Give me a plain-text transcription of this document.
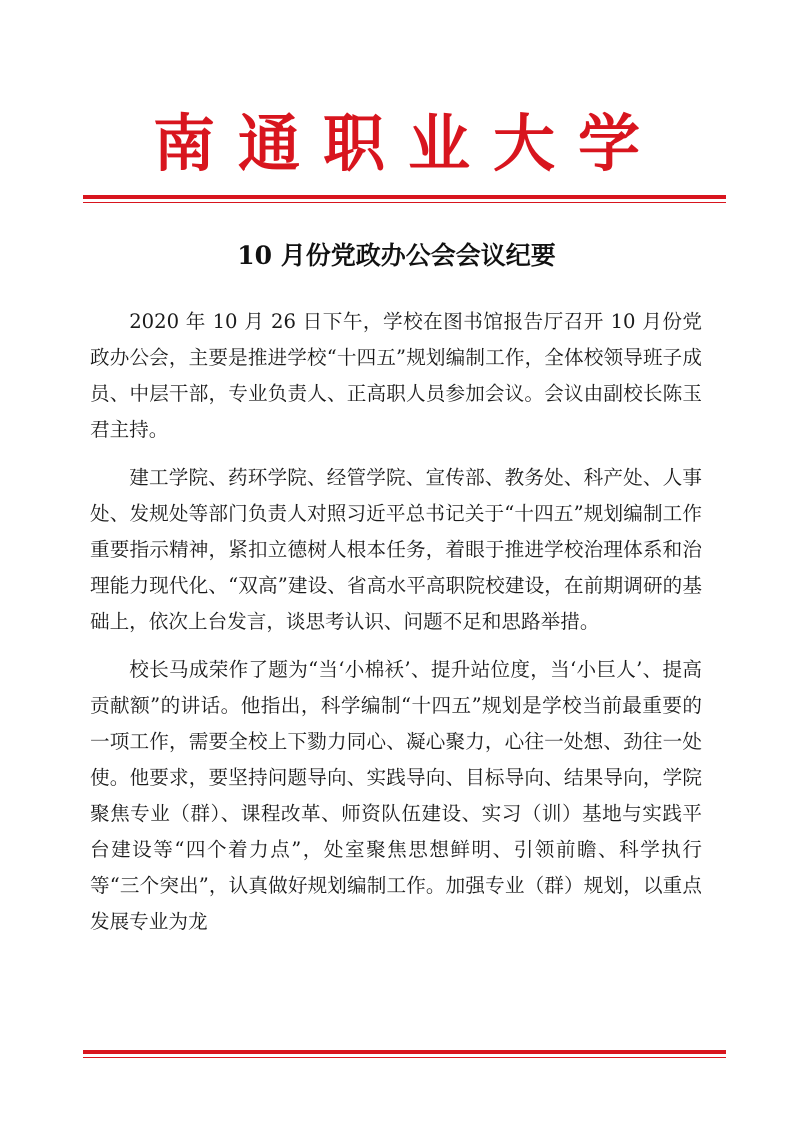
南通职业大学
10 月份党政办公会会议纪要

2020 年 10 月 26 日下午，学校在图书馆报告厅召开 10 月份党政办公会，主要是推进学校“十四五”规划编制工作，全体校领导班子成员、中层干部，专业负责人、正高职人员参加会议。会议由副校长陈玉君主持。

建工学院、药环学院、经管学院、宣传部、教务处、科产处、人事处、发规处等部门负责人对照习近平总书记关于“十四五”规划编制工作重要指示精神，紧扣立德树人根本任务，着眼于推进学校治理体系和治理能力现代化、“双高”建设、省高水平高职院校建设，在前期调研的基础上，依次上台发言，谈思考认识、问题不足和思路举措。

校长马成荣作了题为“当‘小棉袄’、提升站位度，当‘小巨人’、提高贡献额”的讲话。他指出，科学编制“十四五”规划是学校当前最重要的一项工作，需要全校上下勠力同心、凝心聚力，心往一处想、劲往一处使。他要求，要坚持问题导向、实践导向、目标导向、结果导向，学院聚焦专业（群）、课程改革、师资队伍建设、实习（训）基地与实践平台建设等“四个着力点”，处室聚焦思想鲜明、引领前瞻、科学执行等“三个突出”，认真做好规划编制工作。加强专业（群）规划，以重点发展专业为龙
